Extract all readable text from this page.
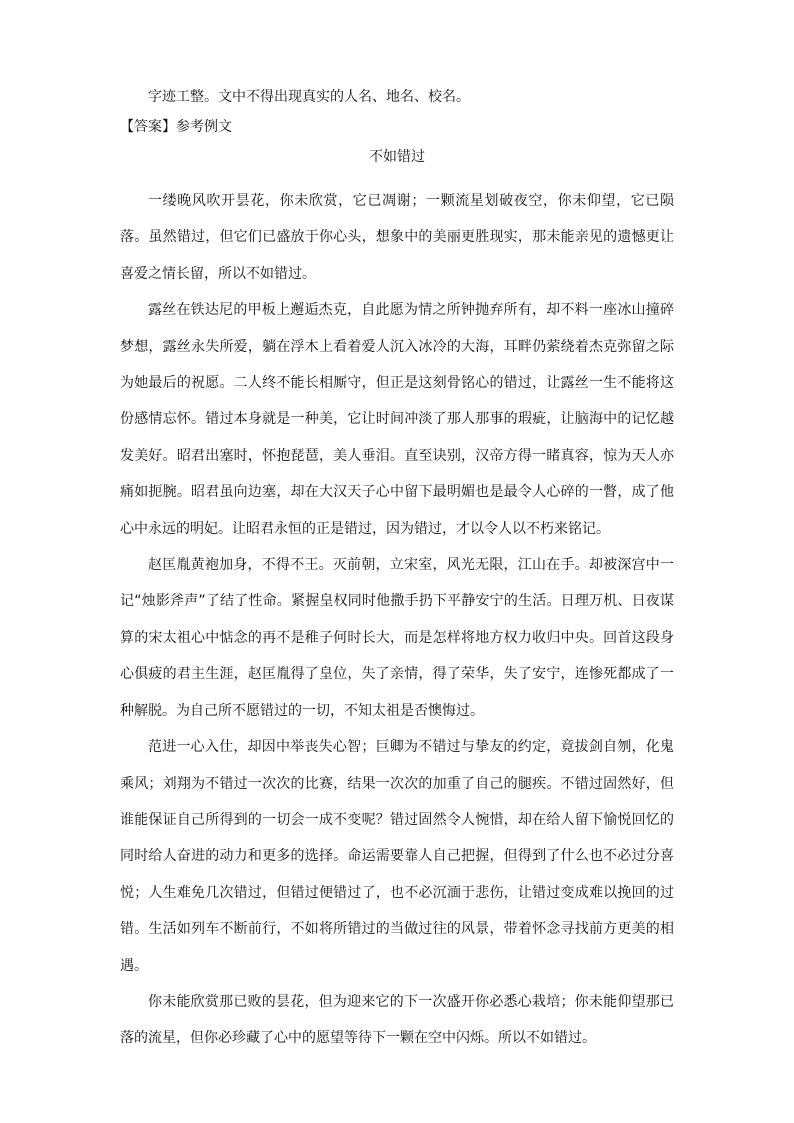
字迹工整。文中不得出现真实的人名、地名、校名。
【答案】参考例文
不如错过
一缕晚风吹开昙花，你未欣赏，它已凋谢；一颗流星划破夜空，你未仰望，它已陨落。虽然错过，但它们已盛放于你心头，想象中的美丽更胜现实，那未能亲见的遗憾更让喜爱之情长留，所以不如错过。
露丝在铁达尼的甲板上邂逅杰克，自此愿为情之所钟抛弃所有，却不料一座冰山撞碎梦想，露丝永失所爱，躺在浮木上看着爱人沉入冰冷的大海，耳畔仍萦绕着杰克弥留之际为她最后的祝愿。二人终不能长相厮守，但正是这刻骨铭心的错过，让露丝一生不能将这份感情忘怀。错过本身就是一种美，它让时间冲淡了那人那事的瑕疵，让脑海中的记忆越发美好。昭君出塞时，怀抱琵琶，美人垂泪。直至诀别，汉帝方得一睹真容，惊为天人亦痛如扼腕。昭君虽向边塞，却在大汉天子心中留下最明媚也是最令人心碎的一瞥，成了他心中永远的明妃。让昭君永恒的正是错过，因为错过，才以令人以不朽来铭记。
赵匡胤黄袍加身，不得不王。灭前朝，立宋室，风光无限，江山在手。却被深宫中一记“烛影斧声”了结了性命。紧握皇权同时他撒手扔下平静安宁的生活。日理万机、日夜谋算的宋太祖心中惦念的再不是稚子何时长大，而是怎样将地方权力收归中央。回首这段身心俱疲的君主生涯，赵匡胤得了皇位，失了亲情，得了荣华，失了安宁，连惨死都成了一种解脱。为自己所不愿错过的一切，不知太祖是否懊悔过。
范进一心入仕，却因中举丧失心智；巨卿为不错过与挚友的约定，竟拔剑自刎，化鬼乘风；刘翔为不错过一次次的比赛，结果一次次的加重了自己的腿疾。不错过固然好，但谁能保证自己所得到的一切会一成不变呢？错过固然令人惋惜，却在给人留下愉悦回忆的同时给人奋进的动力和更多的选择。命运需要靠人自己把握，但得到了什么也不必过分喜悦；人生难免几次错过，但错过便错过了，也不必沉湎于悲伤，让错过变成难以挽回的过错。生活如列车不断前行，不如将所错过的当做过往的风景，带着怀念寻找前方更美的相遇。
你未能欣赏那已败的昙花，但为迎来它的下一次盛开你必悉心栽培；你未能仰望那已落的流星，但你必珍藏了心中的愿望等待下一颗在空中闪烁。所以不如错过。
